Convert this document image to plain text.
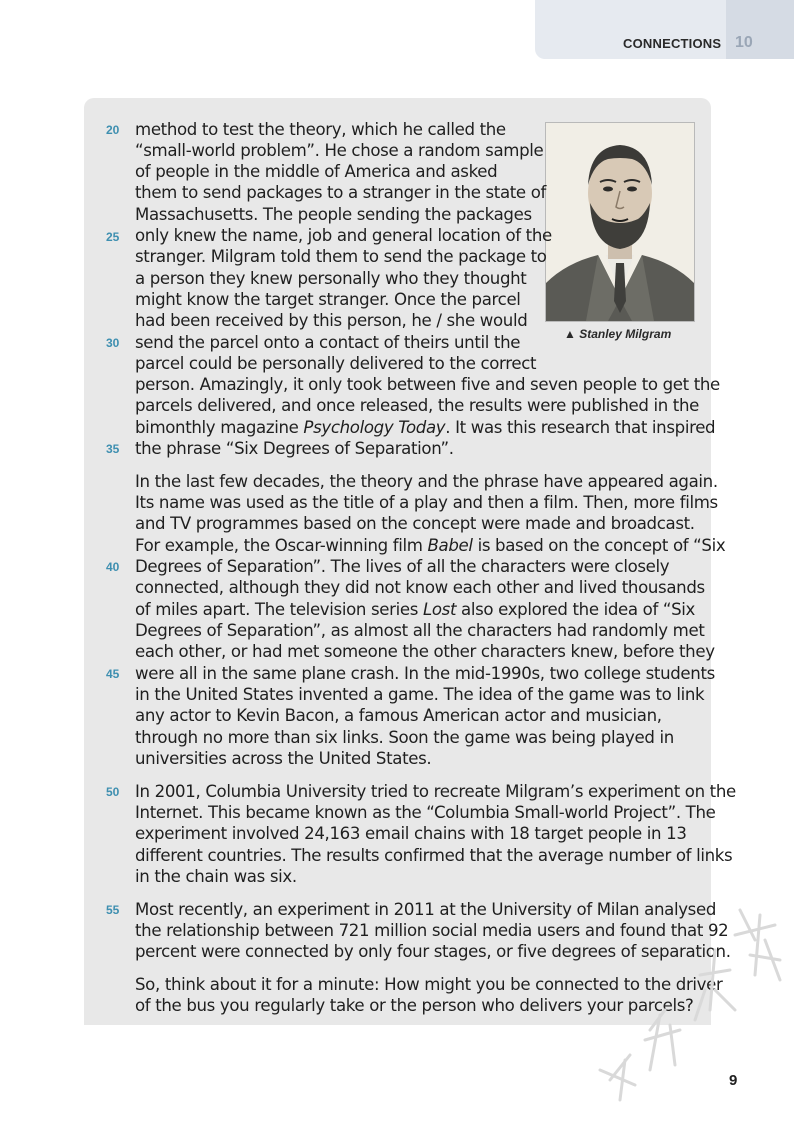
CONNECTIONS 10
▲ Stanley Milgram
20
25
30
35
40
45
50
55
method to test the theory, which he called the
“small-world problem”. He chose a random sample
of people in the middle of America and asked
them to send packages to a stranger in the state of
Massachusetts. The people sending the packages
only knew the name, job and general location of the
stranger. Milgram told them to send the package to
a person they knew personally who they thought
might know the target stranger. Once the parcel
had been received by this person, he / she would
send the parcel onto a contact of theirs until the
parcel could be personally delivered to the correct
person. Amazingly, it only took between five and seven people to get the
parcels delivered, and once released, the results were published in the
bimonthly magazine Psychology Today. It was this research that inspired
the phrase “Six Degrees of Separation”.
In the last few decades, the theory and the phrase have appeared again.
Its name was used as the title of a play and then a film. Then, more films
and TV programmes based on the concept were made and broadcast.
For example, the Oscar-winning film Babel is based on the concept of “Six
Degrees of Separation”. The lives of all the characters were closely
connected, although they did not know each other and lived thousands
of miles apart. The television series Lost also explored the idea of “Six
Degrees of Separation”, as almost all the characters had randomly met
each other, or had met someone the other characters knew, before they
were all in the same plane crash. In the mid-1990s, two college students
in the United States invented a game. The idea of the game was to link
any actor to Kevin Bacon, a famous American actor and musician,
through no more than six links. Soon the game was being played in
universities across the United States.
In 2001, Columbia University tried to recreate Milgram’s experiment on the
Internet. This became known as the “Columbia Small-world Project”. The
experiment involved 24,163 email chains with 18 target people in 13
different countries. The results confirmed that the average number of links
in the chain was six.
Most recently, an experiment in 2011 at the University of Milan analysed
the relationship between 721 million social media users and found that 92
percent were connected by only four stages, or five degrees of separation.
So, think about it for a minute: How might you be connected to the driver
of the bus you regularly take or the person who delivers your parcels?
9
